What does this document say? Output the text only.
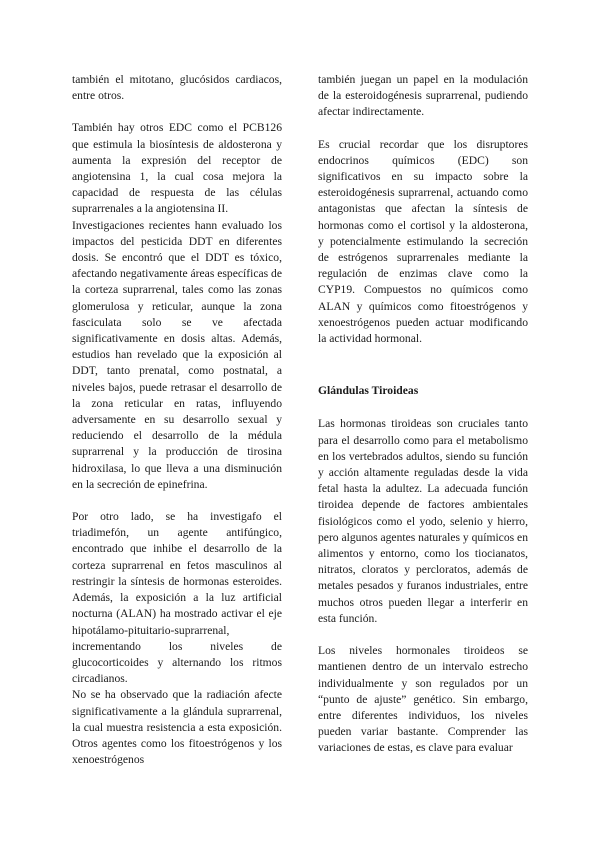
también el mitotano, glucósidos cardiacos, entre otros.

También hay otros EDC como el PCB126 que estimula la biosíntesis de aldosterona y aumenta la expresión del receptor de angiotensina 1, la cual cosa mejora la capacidad de respuesta de las células suprarrenales a la angiotensina II.

Investigaciones recientes hann evaluado los impactos del pesticida DDT en diferentes dosis. Se encontró que el DDT es tóxico, afectando negativamente áreas específicas de la corteza suprarrenal, tales como las zonas glomerulosa y reticular, aunque la zona fasciculata solo se ve afectada significativamente en dosis altas. Además, estudios han revelado que la exposición al DDT, tanto prenatal, como postnatal, a niveles bajos, puede retrasar el desarrollo de la zona reticular en ratas, influyendo adversamente en su desarrollo sexual y reduciendo el desarrollo de la médula suprarrenal y la producción de tirosina hidroxilasa, lo que lleva a una disminución en la secreción de epinefrina.

Por otro lado, se ha investigafo el triadimefón, un agente antifúngico, encontrado que inhibe el desarrollo de la corteza suprarrenal en fetos masculinos al restringir la síntesis de hormonas esteroides. Además, la exposición a la luz artificial nocturna (ALAN) ha mostrado activar el eje hipotálamo-pituitario-suprarrenal, incrementando los niveles de glucocorticoides y alternando los ritmos circadianos.

No se ha observado que la radiación afecte significativamente a la glándula suprarrenal, la cual muestra resistencia a esta exposición. Otros agentes como los fitoestrógenos y los xenoestrógenos

también juegan un papel en la modulación de la esteroidogénesis suprarrenal, pudiendo afectar indirectamente.

Es crucial recordar que los disruptores endocrinos químicos (EDC) son significativos en su impacto sobre la esteroidogénesis suprarrenal, actuando como antagonistas que afectan la síntesis de hormonas como el cortisol y la aldosterona, y potencialmente estimulando la secreción de estrógenos suprarrenales mediante la regulación de enzimas clave como la CYP19. Compuestos no químicos como ALAN y químicos como fitoestrógenos y xenoestrógenos pueden actuar modificando la actividad hormonal.

Glándulas Tiroideas

Las hormonas tiroideas son cruciales tanto para el desarrollo como para el metabolismo en los vertebrados adultos, siendo su función y acción altamente reguladas desde la vida fetal hasta la adultez. La adecuada función tiroidea depende de factores ambientales fisiológicos como el yodo, selenio y hierro, pero algunos agentes naturales y químicos en alimentos y entorno, como los tiocianatos, nitratos, cloratos y percloratos, además de metales pesados y furanos industriales, entre muchos otros pueden llegar a interferir en esta función.

Los niveles hormonales tiroideos se mantienen dentro de un intervalo estrecho individualmente y son regulados por un “punto de ajuste” genético. Sin embargo, entre diferentes individuos, los niveles pueden variar bastante. Comprender las variaciones de estas, es clave para evaluar
